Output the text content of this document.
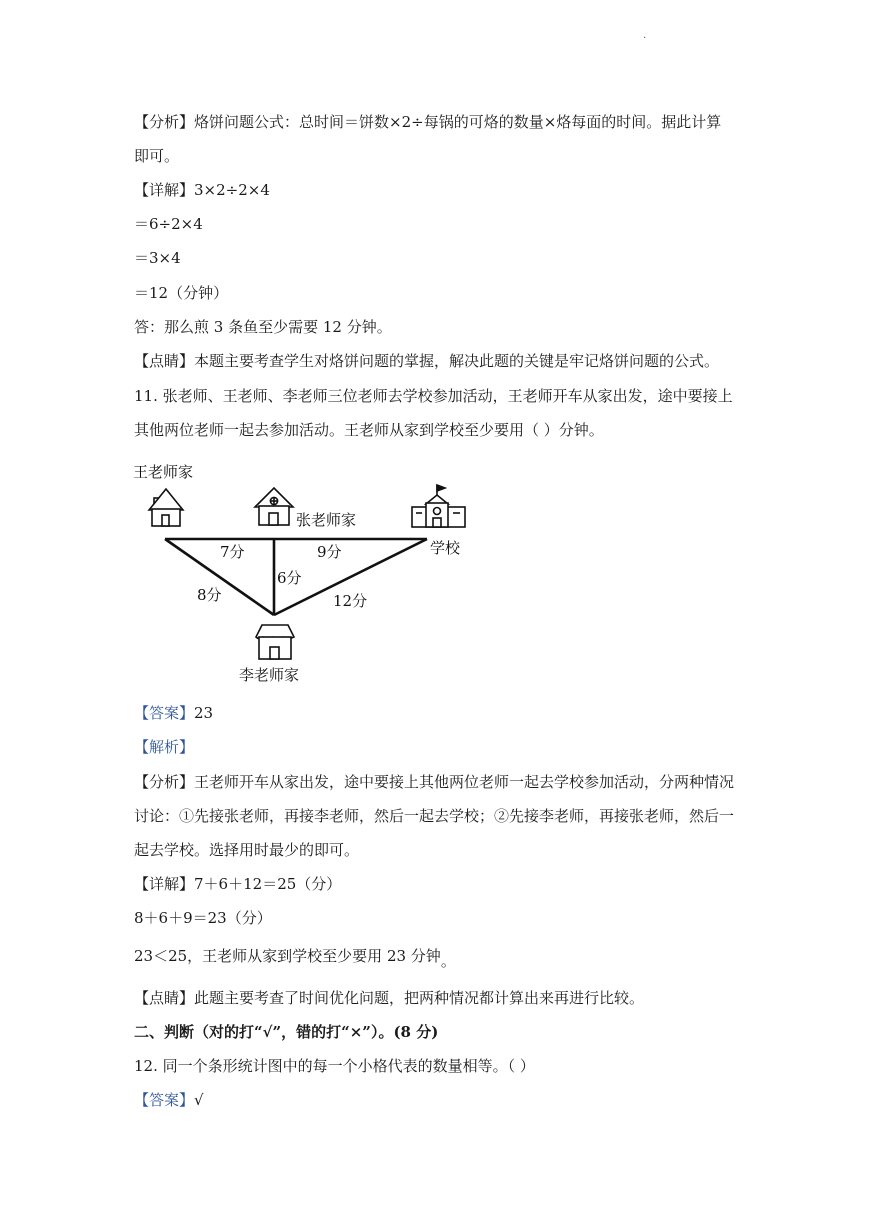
.
【分析】烙饼问题公式：总时间＝饼数×2÷每锅的可烙的数量×烙每面的时间。据此计算
即可。
【详解】3×2÷2×4
＝6÷2×4
＝3×4
＝12（分钟）
答：那么煎 3 条鱼至少需要 12 分钟。
【点睛】本题主要考查学生对烙饼问题的掌握，解决此题的关键是牢记烙饼问题的公式。
11. 张老师、王老师、李老师三位老师去学校参加活动，王老师开车从家出发，途中要接上
其他两位老师一起去参加活动。王老师从家到学校至少要用（ ）分钟。
王老师家
张老师家
学校
7分	9分
6分
8分	12分
李老师家
【答案】23
【解析】
【分析】王老师开车从家出发，途中要接上其他两位老师一起去学校参加活动，分两种情况
讨论：①先接张老师，再接李老师，然后一起去学校；②先接李老师，再接张老师，然后一
起去学校。选择用时最少的即可。
【详解】7＋6＋12＝25（分）
8＋6＋9＝23（分）
23＜25，王老师从家到学校至少要用 23 分钟。
【点睛】此题主要考查了时间优化问题，把两种情况都计算出来再进行比较。
二、判断（对的打“√”，错的打“×”）。(8 分)
12. 同一个条形统计图中的每一个小格代表的数量相等。（ ）
【答案】√
